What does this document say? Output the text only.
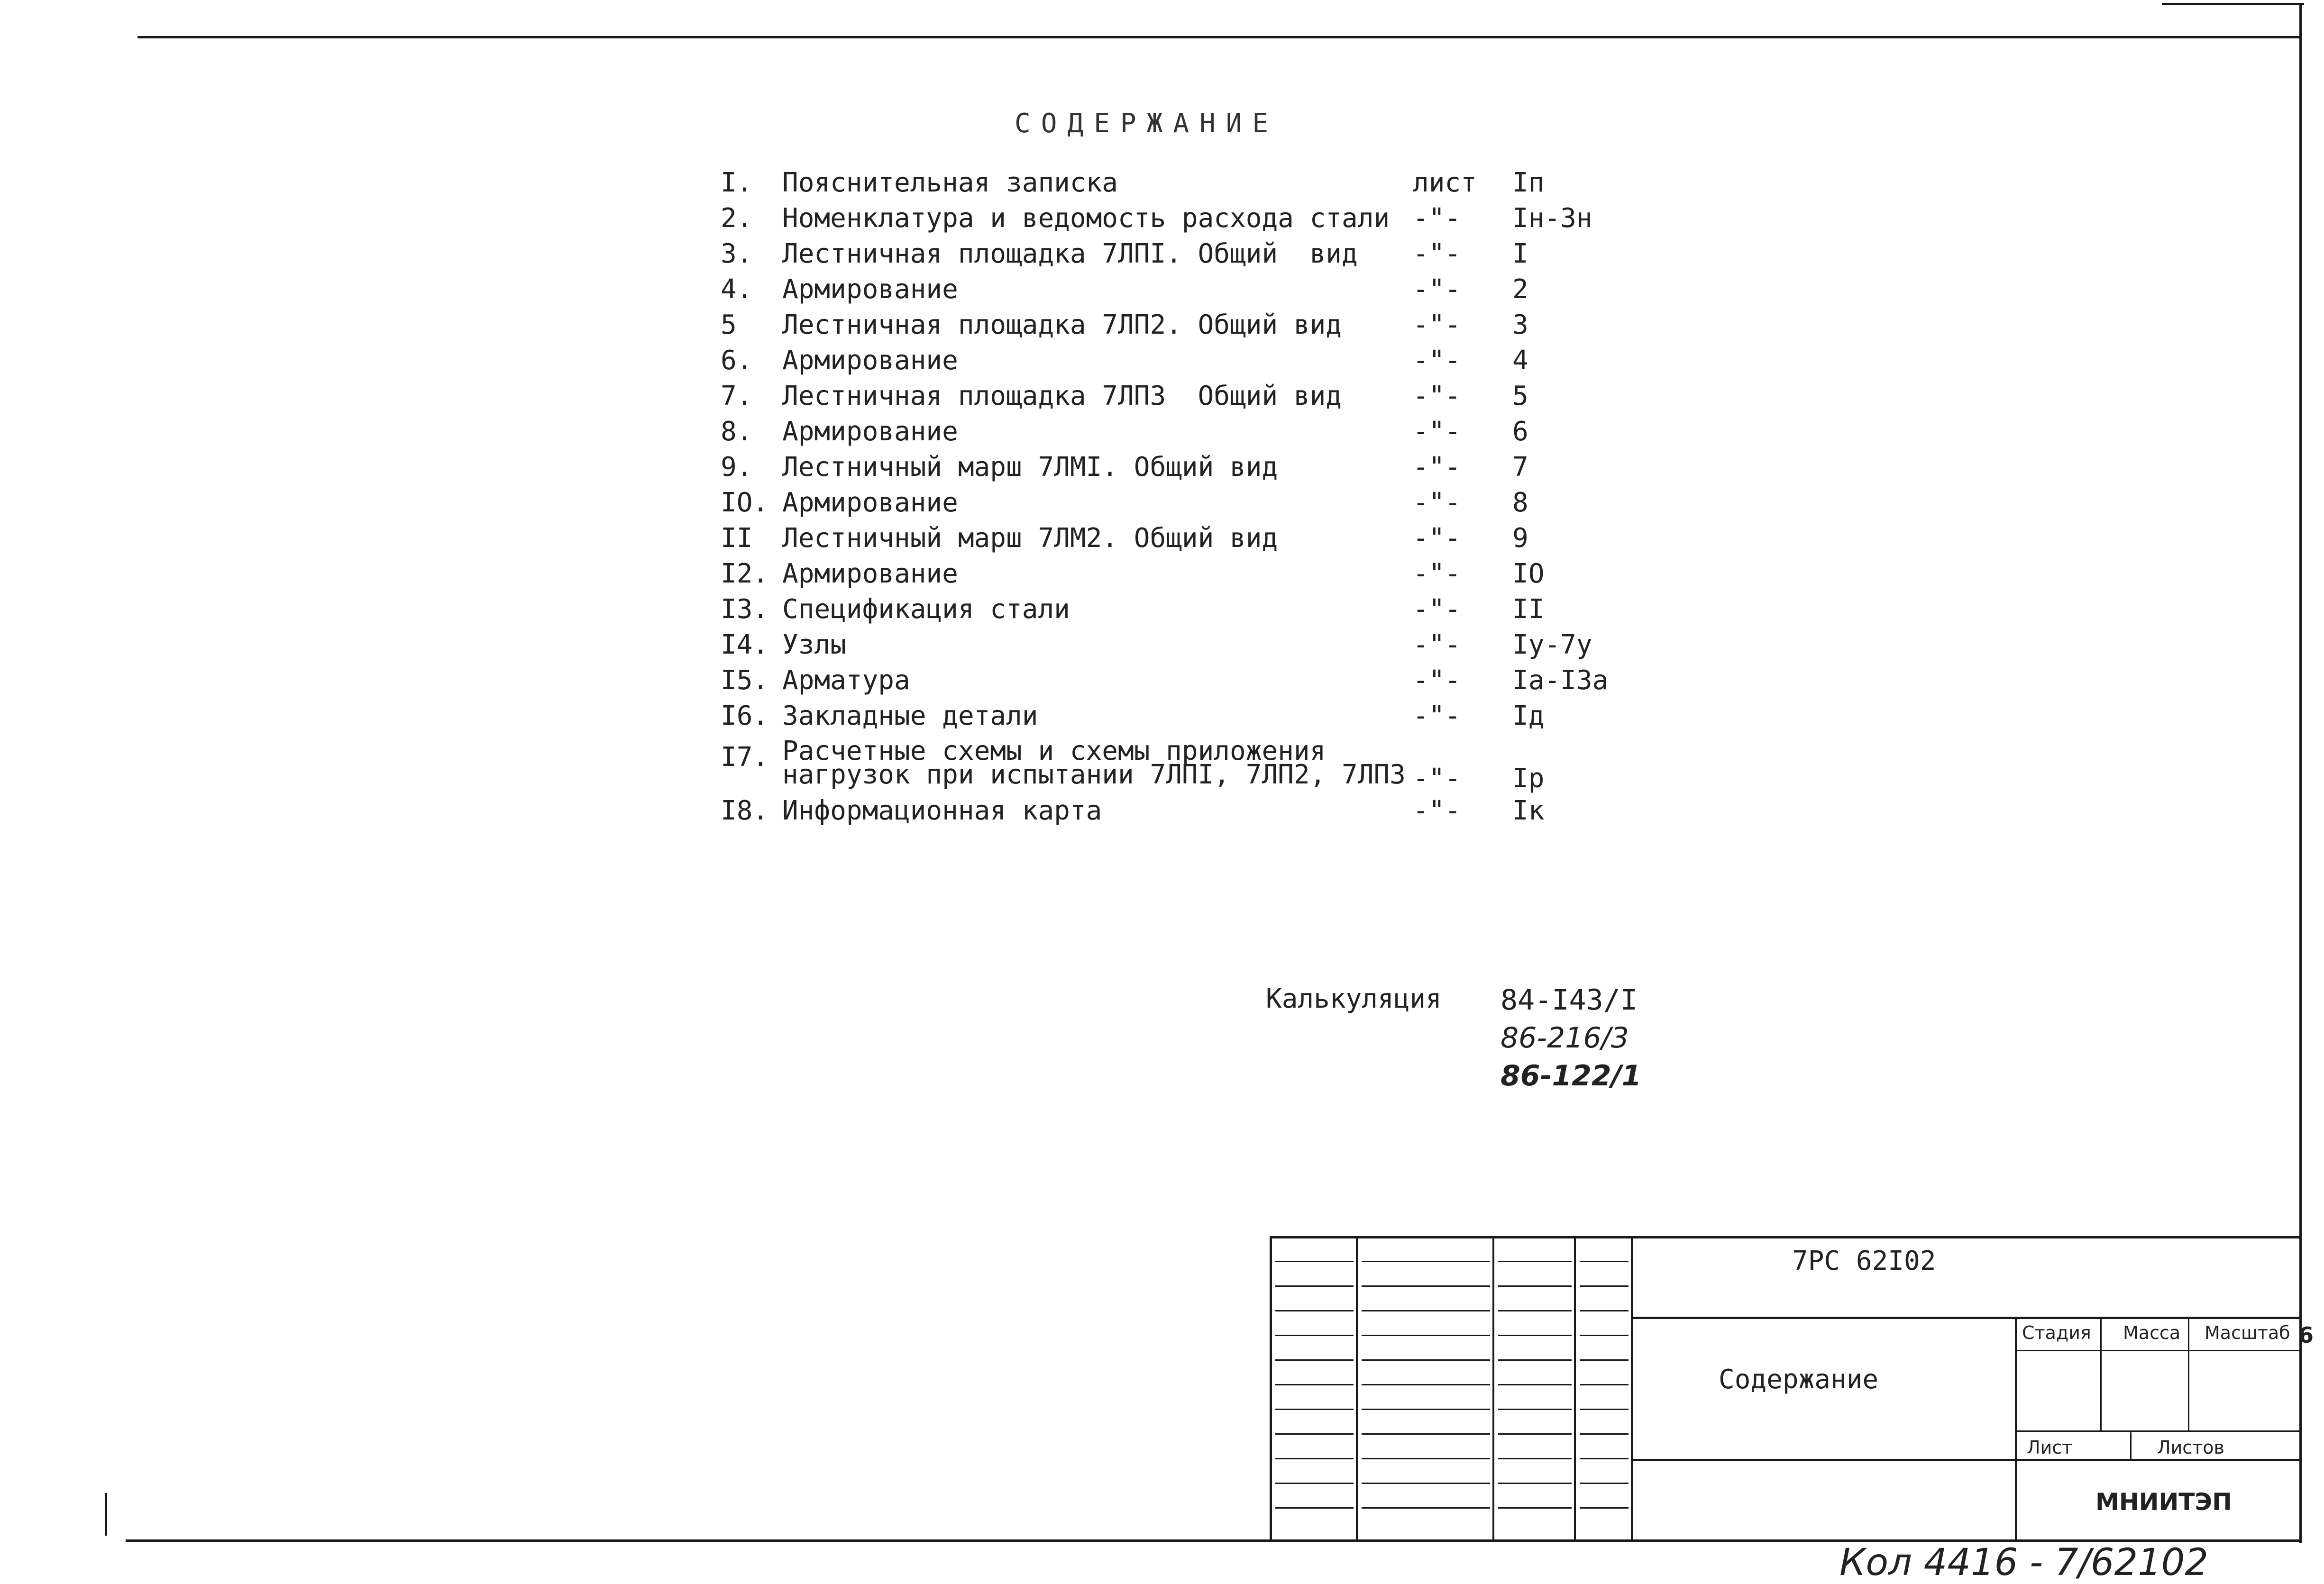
СОДЕРЖАНИЕ
I. Пояснительная записка	лист Iп
2. Номенклатура и ведомость расхода стали -"- Iн-3н
3. Лестничная площадка 7ЛПI. Общий  вид -"- I
4. Армирование	-"- 2
5 Лестничная площадка 7ЛП2. Общий вид	-"- 3
6. Армирование	-"- 4
7. Лестничная площадка 7ЛП3  Общий вид	-"- 5
8. Армирование	-"- 6
9. Лестничный марш 7ЛМI. Общий вид	-"- 7
IO. Армирование	-"- 8
II Лестничный марш 7ЛМ2. Общий вид	-"- 9
I2. Армирование	-"- IO
I3. Спецификация стали	-"- II
I4. Узлы	-"- Iу-7у
I5. Арматура	-"- Iа-I3а
I6. Закладные детали	-"- Iд
I7. Расчетные схемы и схемы приложения
нагрузок при испытании 7ЛПI, 7ЛП2, 7ЛП3 -"- Iр
I8. Информационная карта	-"- Iк
Калькуляция 84-I43/I
86-216/3
86-122/1
7РС 62I02
Содержание
Стадия Масса Масштаб 6
Лист	Листов
МНИИТЭП
Кол 4416 - 7/62102
